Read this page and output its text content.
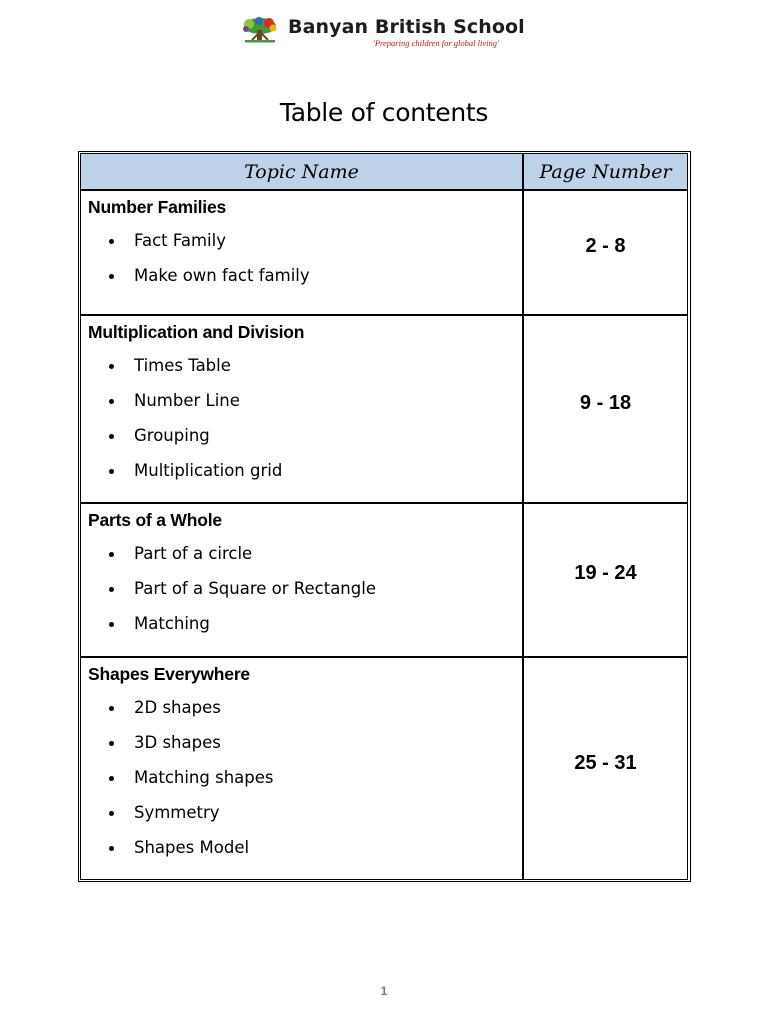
Banyan British School
'Preparing children for global living'
Table of contents
Topic Name	Page Number
Number Families
Fact Family
Make own fact family
2 - 8
Multiplication and Division
Times Table
Number Line
Grouping
Multiplication grid
9 - 18
Parts of a Whole
Part of a circle
Part of a Square or Rectangle
Matching
19 - 24
Shapes Everywhere
2D shapes
3D shapes
Matching shapes
Symmetry
Shapes Model
25 - 31
1
